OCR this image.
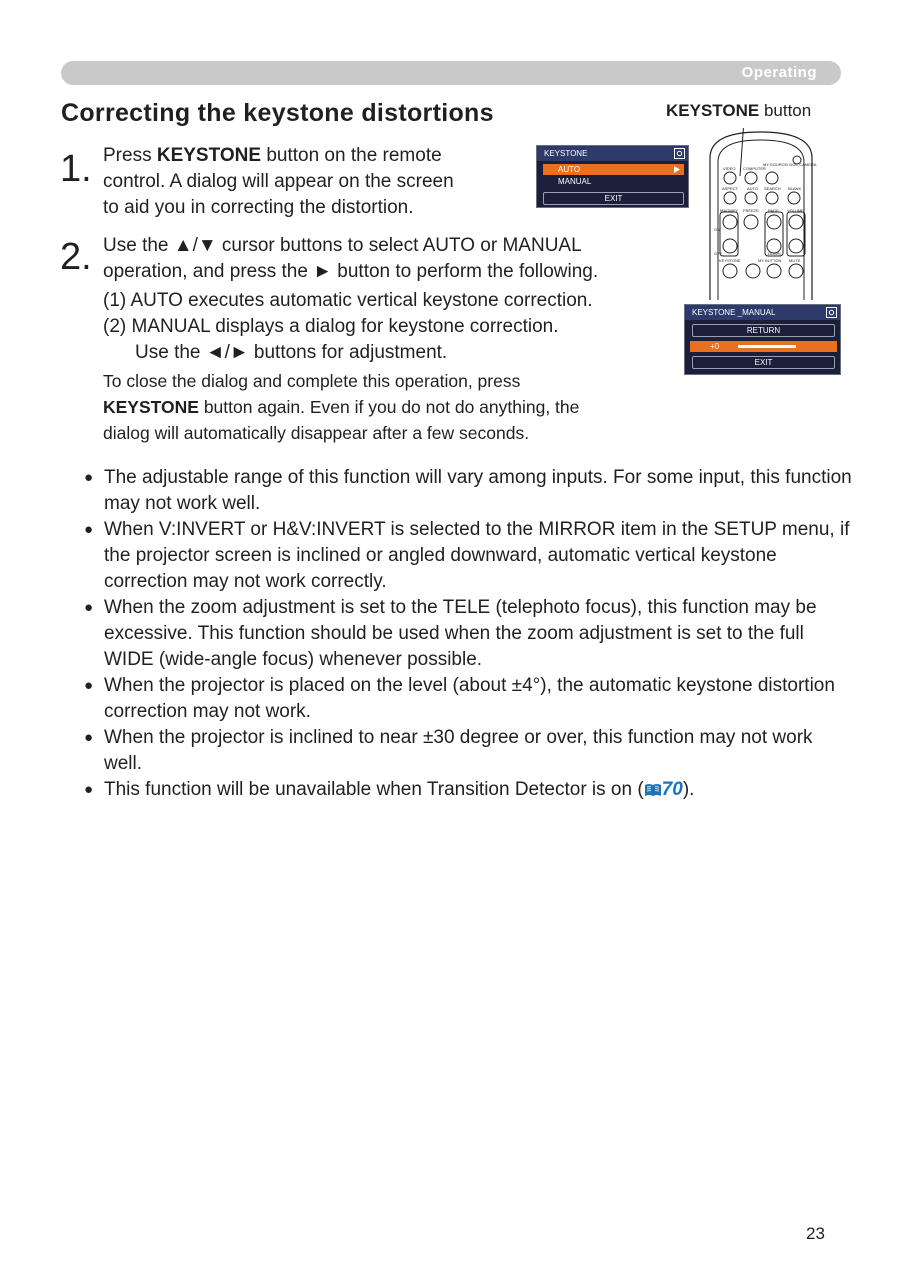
Operating
Correcting the keystone distortions	KEYSTONE button
1. Press KEYSTONE button on the remote
control. A dialog will appear on the screen
to aid you in correcting the distortion.
2. Use the ▲/▼ cursor buttons to select AUTO or MANUAL
operation, and press the ► button to perform the following.
(1) AUTO executes automatic vertical keystone correction.
(2) MANUAL displays a dialog for keystone correction.
Use the ◄/► buttons for adjustment.
To close the dialog and complete this operation, press
KEYSTONE button again. Even if you do not do anything, the
dialog will automatically disappear after a few seconds.
● The adjustable range of this function will vary among inputs. For some input, this function may not work well.
● When V:INVERT or H&V:INVERT is selected to the MIRROR item in the SETUP menu, if the projector screen is inclined or angled downward, automatic vertical keystone correction may not work correctly.
● When the zoom adjustment is set to the TELE (telephoto focus), this function may be excessive. This function should be used when the zoom adjustment is set to the full WIDE (wide-angle focus) whenever possible.
● When the projector is placed on the level (about ±4°), the automatic keystone distortion correction may not work.
● When the projector is inclined to near ±30 degree or over, this function may not work well.
● This function will be unavailable when Transition Detector is on ( 70).
KEYSTONE
AUTO
MANUAL
EXIT
KEYSTONE _MANUAL
RETURN
+0
EXIT
VIDEO COMPUTER
MY SOURCE/ DOC.CAMERA
ASPECT AUTO SEARCH BLANK
MAGNIFY FREEZE PAGE VOLUME
ON
OFF	DOWN
KEYSTONE	MY BUTTON MUTE
23
